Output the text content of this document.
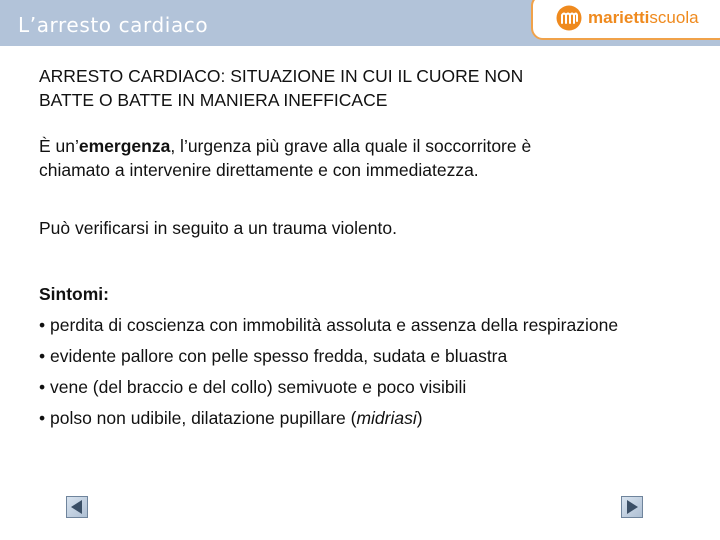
L’arresto cardiaco	mariettiscuola
ARRESTO CARDIACO: SITUAZIONE IN CUI IL CUORE NON
BATTE O BATTE IN MANIERA INEFFICACE
È un’emergenza, l’urgenza più grave alla quale il soccorritore è
chiamato a intervenire direttamente e con immediatezza.
Può verificarsi in seguito a un trauma violento.
Sintomi:
• perdita di coscienza con immobilità assoluta e assenza della respirazione
• evidente pallore con pelle spesso fredda, sudata e bluastra
• vene (del braccio e del collo) semivuote e poco visibili
• polso non udibile, dilatazione pupillare (midriasi)
